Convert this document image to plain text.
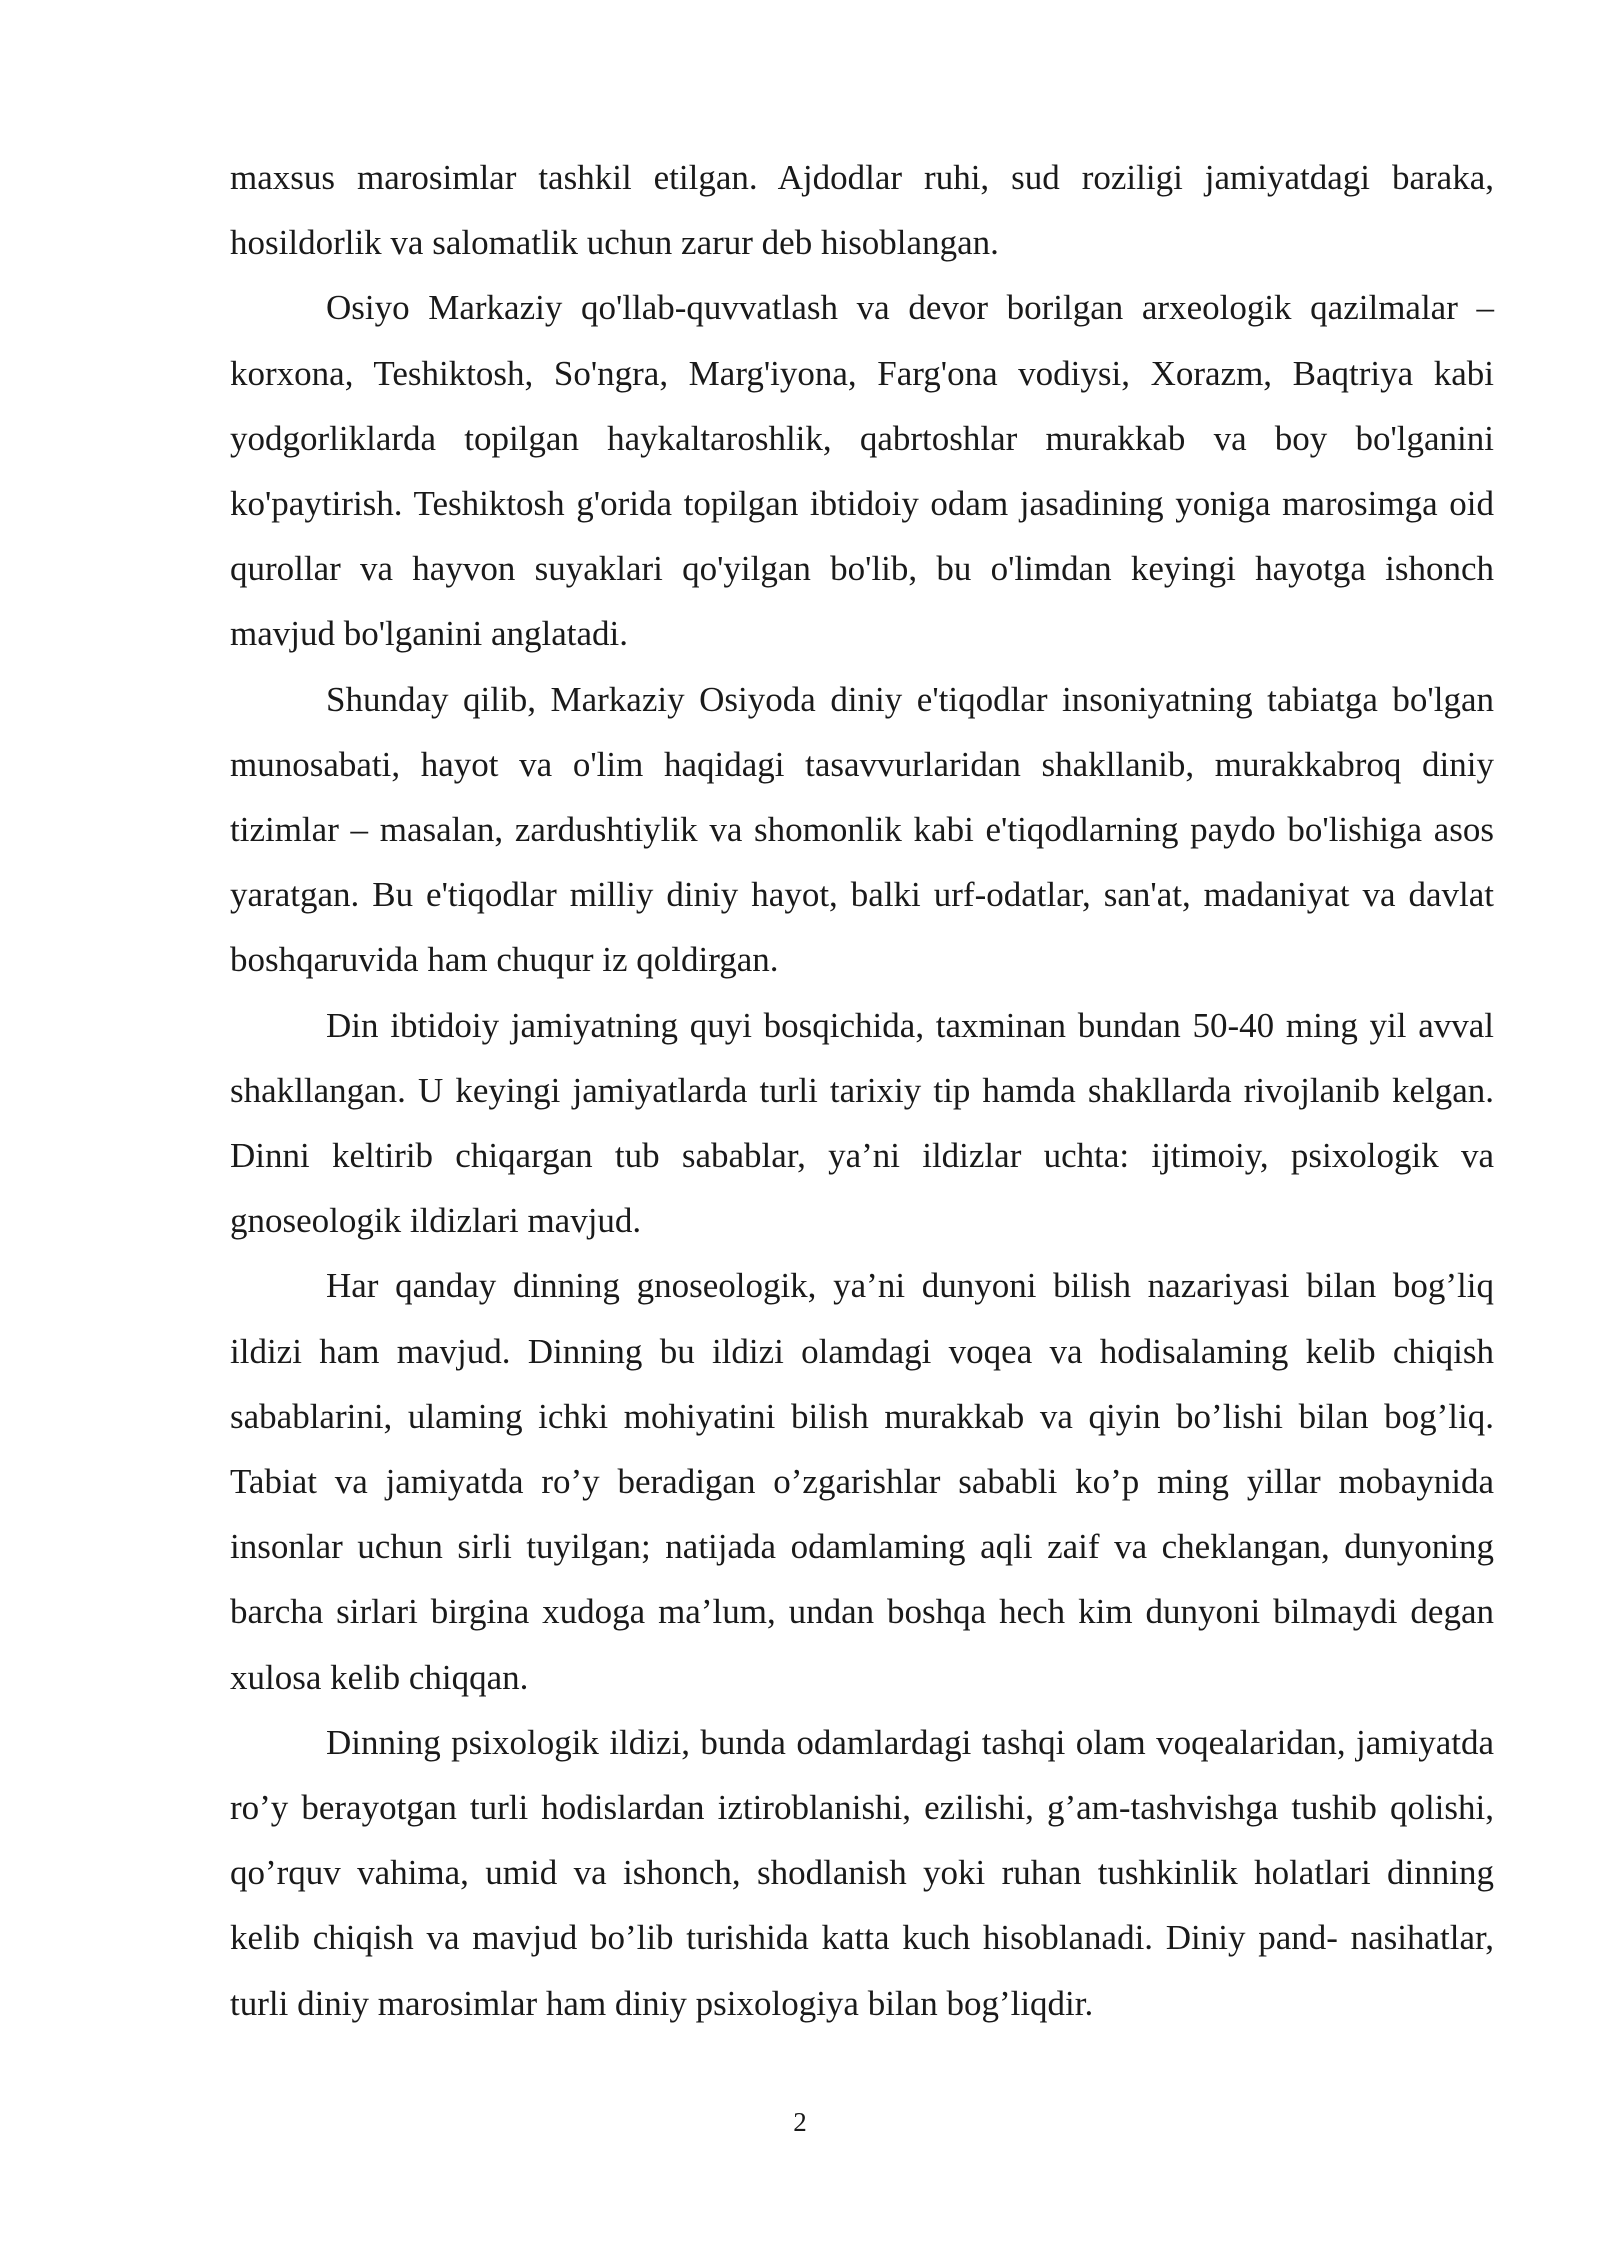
maxsus marosimlar tashkil etilgan. Ajdodlar ruhi, sud roziligi jamiyatdagi baraka, hosildorlik va salomatlik uchun zarur deb hisoblangan.

Osiyo Markaziy qo'llab-quvvatlash va devor borilgan arxeologik qazilmalar – korxona, Teshiktosh, So'ngra, Marg'iyona, Farg'ona vodiysi, Xorazm, Baqtriya kabi yodgorliklarda topilgan haykaltaroshlik, qabrtoshlar murakkab va boy bo'lganini ko'paytirish. Teshiktosh g'orida topilgan ibtidoiy odam jasadining yoniga marosimga oid qurollar va hayvon suyaklari qo'yilgan bo'lib, bu o'limdan keyingi hayotga ishonch mavjud bo'lganini anglatadi.

Shunday qilib, Markaziy Osiyoda diniy e'tiqodlar insoniyatning tabiatga bo'lgan munosabati, hayot va o'lim haqidagi tasavvurlaridan shakllanib, murakkabroq diniy tizimlar – masalan, zardushtiylik va shomonlik kabi e'tiqodlarning paydo bo'lishiga asos yaratgan. Bu e'tiqodlar milliy diniy hayot, balki urf-odatlar, san'at, madaniyat va davlat boshqaruvida ham chuqur iz qoldirgan.

Din ibtidoiy jamiyatning quyi bosqichida, taxminan bundan 50-40 ming yil avval shakllangan. U keyingi jamiyatlarda turli tarixiy tip hamda shakllarda rivojlanib kelgan. Dinni keltirib chiqargan tub sabablar, ya’ni ildizlar uchta: ijtimoiy, psixologik va gnoseologik ildizlari mavjud.

Har qanday dinning gnoseologik, ya’ni dunyoni bilish nazariyasi bilan bog’liq ildizi ham mavjud. Dinning bu ildizi olamdagi voqea va hodisalaming kelib chiqish sabablarini, ulaming ichki mohiyatini bilish murakkab va qiyin bo’lishi bilan bog’liq. Tabiat va jamiyatda ro’y beradigan o’zgarishlar sababli ko’p ming yillar mobaynida insonlar uchun sirli tuyilgan; natijada odamlaming aqli zaif va cheklangan, dunyoning barcha sirlari birgina xudoga ma’lum, undan boshqa hech kim dunyoni bilmaydi degan xulosa kelib chiqqan.

Dinning psixologik ildizi, bunda odamlardagi tashqi olam voqealaridan, jamiyatda ro’y berayotgan turli hodislardan iztiroblanishi, ezilishi, g’am-tashvishga tushib qolishi, qo’rquv vahima, umid va ishonch, shodlanish yoki ruhan tushkinlik holatlari dinning kelib chiqish va mavjud bo’lib turishida katta kuch hisoblanadi. Diniy pand- nasihatlar, turli diniy marosimlar ham diniy psixologiya bilan bog’liqdir.

2
